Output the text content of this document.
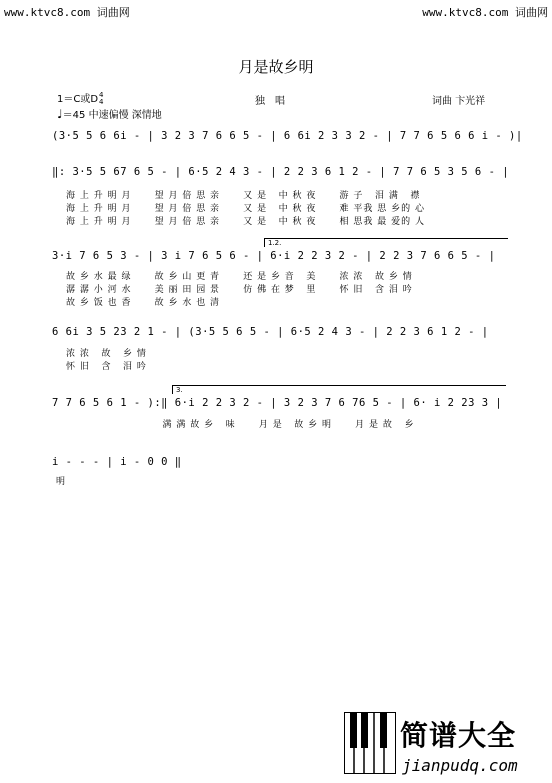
www.ktvc8.com 词曲网	www.ktvc8.com 词曲网
月是故乡明
1＝C或D 4
4	独唱	词曲 卞光祥
♩＝45 中速偏慢 深情地
(3·5 5 6 6i - | 3 2 3 7 6 6 5 - | 6 6i 2 3 3 2 - | 7 7 6 5 6 6 i - )|
‖: 3·5 5 67 6 5 - | 6·5 2 4 3 - | 2 2 3 6 1 2 - | 7 7 6 5 3 5 6 - |
海 上 升 明 月      望 月 倍 思 亲      又 是   中 秋 夜      游 子   泪 满   襟
海 上 升 明 月      望 月 倍 思 亲      又 是   中 秋 夜      难 平我 思 乡的 心
海 上 升 明 月      望 月 倍 思 亲      又 是   中 秋 夜      相 思我 最 爱的 人
1.2.
3·i 7 6 5 3 - | 3 i 7 6 5 6 - | 6·i 2 2 3 2 - | 2 2 3 7 6 6 5 - |
故 乡 水 最 绿      故 乡 山 更 青      还 是 乡 音   美      浓 浓   故 乡 情
潺 潺 小 河 水      美 丽 田 园 景      仿 佛 在 梦   里      怀 旧   含 泪 吟
故 乡 饭 也 香      故 乡 水 也 清
6 6i 3 5 23 2 1 - | (3·5 5 6 5 - | 6·5 2 4 3 - | 2 2 3 6 1 2 - |
浓 浓   故   乡 情
怀 旧   含   泪 吟
3.
7 7 6 5 6 1 - ):‖ 6·i 2 2 3 2 - | 3 2 3 7 6 76 5 - | 6· i 2 23 3 |
满 满 故 乡   味      月 是   故 乡 明      月 是 故   乡
i - - - | i - 0 0 ‖
明
简谱大全
jianpudq.com
